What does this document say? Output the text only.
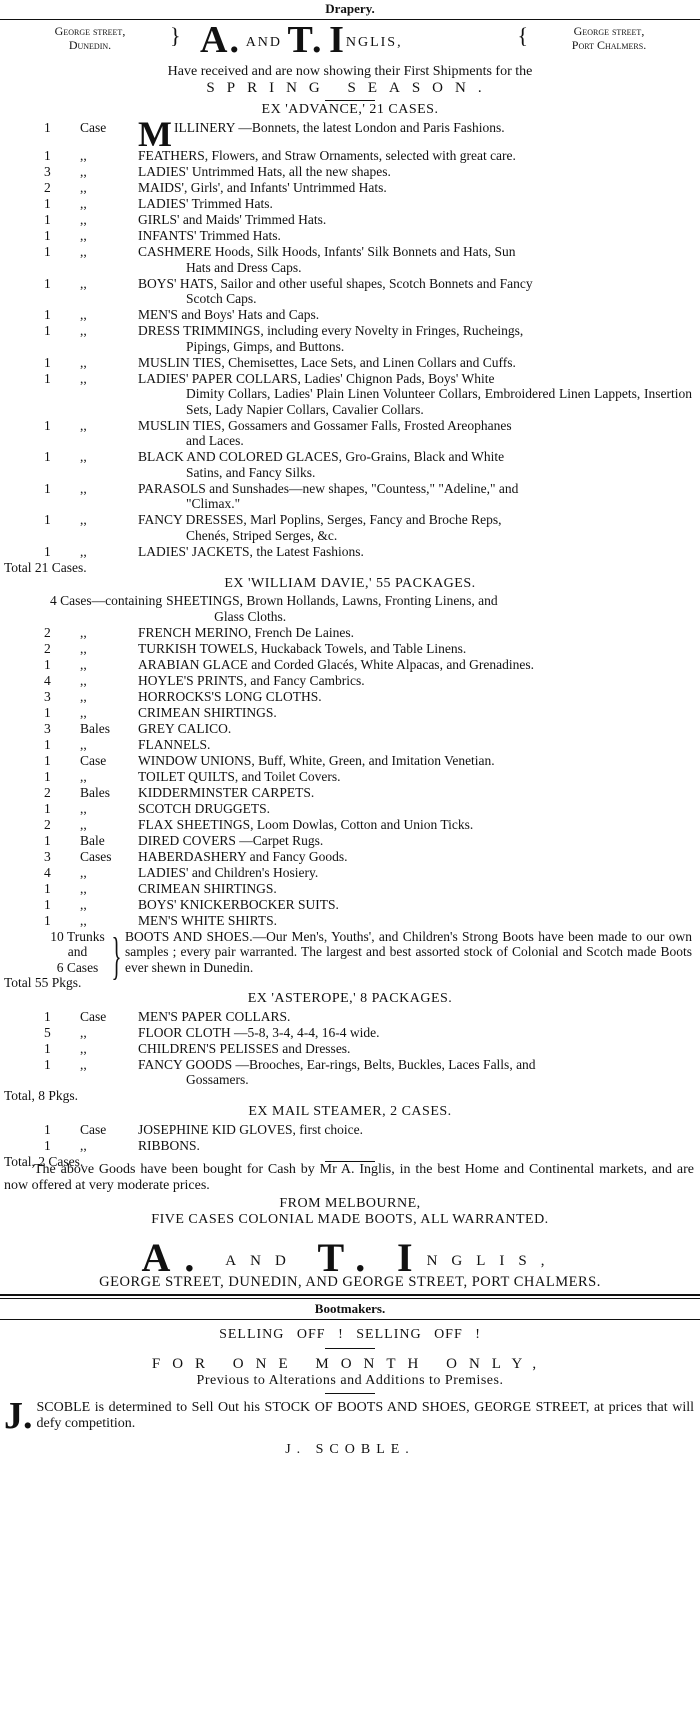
Drapery.
George street,
Dunedin.	} A. AND T. INGLIS,	{	George street,
Port Chalmers.
Have received and are now showing their First Shipments for the
SPRING SEASON.
EX 'ADVANCE,' 21 CASES.
1	Case MILLINERY —Bonnets, the latest London and Paris Fashions.
1	,,	FEATHERS, Flowers, and Straw Ornaments, selected with great care.
3	,,	LADIES' Untrimmed Hats, all the new shapes.
2	,,	MAIDS', Girls', and Infants' Untrimmed Hats.
1	,,	LADIES' Trimmed Hats.
1	,,	GIRLS' and Maids' Trimmed Hats.
1	,,	INFANTS' Trimmed Hats.
1	,,	CASHMERE Hoods, Silk Hoods, Infants' Silk Bonnets and Hats, Sun
Hats and Dress Caps.
1	,,	BOYS' HATS, Sailor and other useful shapes, Scotch Bonnets and Fancy
Scotch Caps.
1	,,	MEN'S and Boys' Hats and Caps.
1	,,	DRESS TRIMMINGS, including every Novelty in Fringes, Rucheings,
Pipings, Gimps, and Buttons.
1	,,	MUSLIN TIES, Chemisettes, Lace Sets, and Linen Collars and Cuffs.
1	,,	LADIES' PAPER COLLARS, Ladies' Chignon Pads, Boys' White
Dimity Collars, Ladies' Plain Linen Volunteer Collars, Embroidered Linen Lappets, Insertion Sets, Lady Napier Collars, Cavalier Collars.
1	,,	MUSLIN TIES, Gossamers and Gossamer Falls, Frosted Areophanes
and Laces.
1	,,	BLACK AND COLORED GLACES, Gro-Grains, Black and White
Satins, and Fancy Silks.
1	,,	PARASOLS and Sunshades—new shapes, "Countess," "Adeline," and
"Climax."
1	,,	FANCY DRESSES, Marl Poplins, Serges, Fancy and Broche Reps,
Chenés, Striped Serges, &c.
1	,,	LADIES' JACKETS, the Latest Fashions.
Total 21 Cases.
EX 'WILLIAM DAVIE,' 55 PACKAGES.
4 Cases—containing SHEETINGS, Brown Hollands, Lawns, Fronting Linens, and
Glass Cloths.
2	,,	FRENCH MERINO, French De Laines.
2	,,	TURKISH TOWELS, Huckaback Towels, and Table Linens.
1	,,	ARABIAN GLACE and Corded Glacés, White Alpacas, and Grenadines.
4	,,	HOYLE'S PRINTS, and Fancy Cambrics.
3	,,	HORROCKS'S LONG CLOTHS.
1	,,	CRIMEAN SHIRTINGS.
3	Bales	GREY CALICO.
1	,,	FLANNELS.
1	Case	WINDOW UNIONS, Buff, White, Green, and Imitation Venetian.
1	,,	TOILET QUILTS, and Toilet Covers.
2	Bales	KIDDERMINSTER CARPETS.
1	,,	SCOTCH DRUGGETS.
2	,,	FLAX SHEETINGS, Loom Dowlas, Cotton and Union Ticks.
1	Bale	DIRED COVERS —Carpet Rugs.
3	Cases	HABERDASHERY and Fancy Goods.
4	,,	LADIES' and Children's Hosiery.
1	,,	CRIMEAN SHIRTINGS.
1	,,	BOYS' KNICKERBOCKER SUITS.
1	,,	MEN'S WHITE SHIRTS.
10 Trunks
and
6 Cases } BOOTS AND SHOES.—Our Men's, Youths', and Children's Strong Boots have been made to our own samples ; every pair warranted. The largest and best assorted stock of Colonial and Scotch made Boots ever shewn in Dunedin.
Total 55 Pkgs.
EX 'ASTEROPE,' 8 PACKAGES.
1	Case	MEN'S PAPER COLLARS.
5	,,	FLOOR CLOTH —5-8, 3-4, 4-4, 16-4 wide.
1	,,	CHILDREN'S PELISSES and Dresses.
1	,,	FANCY GOODS —Brooches, Ear-rings, Belts, Buckles, Laces Falls, and
Gossamers.
Total, 8 Pkgs.
EX MAIL STEAMER, 2 CASES.
1	Case	JOSEPHINE KID GLOVES, first choice.
1	,,	RIBBONS.
Total, 2 Cases.
The above Goods have been bought for Cash by Mr A. Inglis, in the best Home and Continental markets, and are now offered at very moderate prices.
FROM MELBOURNE,
FIVE CASES COLONIAL MADE BOOTS, ALL WARRANTED.
A. AND T. INGLIS,
GEORGE STREET, DUNEDIN, AND GEORGE STREET, PORT CHALMERS.
Bootmakers.
SELLING OFF ! SELLING OFF !
FOR ONE MONTH ONLY,
Previous to Alterations and Additions to Premises.
J. SCOBLE is determined to Sell Out his STOCK OF BOOTS AND SHOES, GEORGE STREET, at prices that will defy competition.
J. SCOBLE.
